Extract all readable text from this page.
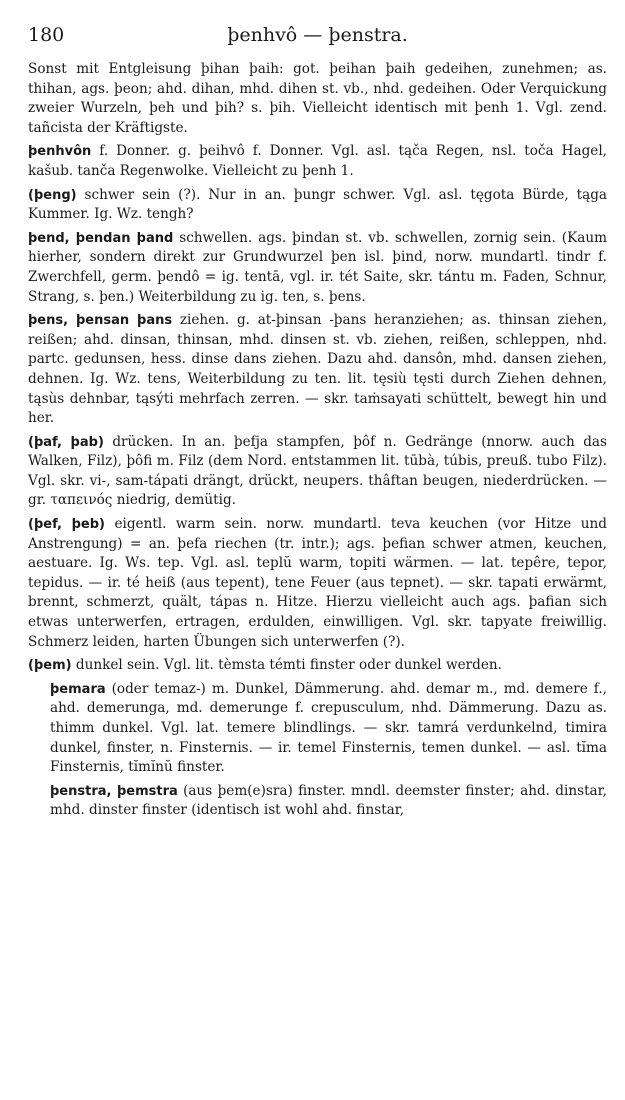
180	þenhvô — þenstra.

Sonst mit Entgleisung þihan þaih: got. þeihan þaih gedeihen, zunehmen; as. thihan, ags. þeon; ahd. dihan, mhd. dihen st. vb., nhd. gedeihen. Oder Verquickung zweier Wurzeln, þeh und þih? s. þih. Vielleicht identisch mit þenh 1. Vgl. zend. tañcista der Kräftigste.

þenhvôn f. Donner. g. þeihvô f. Donner. Vgl. asl. tąča Regen, nsl. toča Hagel, kašub. tanča Regenwolke. Vielleicht zu þenh 1.

(þeng) schwer sein (?). Nur in an. þungr schwer. Vgl. asl. tęgota Bürde, tąga Kummer. Ig. Wz. tengh?

þend, þendan þand schwellen. ags. þindan st. vb. schwellen, zornig sein. (Kaum hierher, sondern direkt zur Grundwurzel þen isl. þind, norw. mundartl. tindr f. Zwerchfell, germ. þendô = ig. tentā, vgl. ir. tét Saite, skr. tántu m. Faden, Schnur, Strang, s. þen.) Weiterbildung zu ig. ten, s. þens.

þens, þensan þans ziehen. g. at-þinsan -þans heranziehen; as. thinsan ziehen, reißen; ahd. dinsan, thinsan, mhd. dinsen st. vb. ziehen, reißen, schleppen, nhd. partc. gedunsen, hess. dinse dans ziehen. Dazu ahd. dansôn, mhd. dansen ziehen, dehnen. Ig. Wz. tens, Weiterbildung zu ten. lit. tęsiù tęsti durch Ziehen dehnen, tąsùs dehnbar, tąsýti mehrfach zerren. — skr. taṁsayati schüttelt, bewegt hin und her.

(þaf, þab) drücken. In an. þefja stampfen, þôf n. Gedränge (nnorw. auch das Walken, Filz), þôfi m. Filz (dem Nord. entstammen lit. tūbà, túbis, preuß. tubo Filz). Vgl. skr. vi-, sam-tápati drängt, drückt, neupers. thâftan beugen, niederdrücken. — gr. ταπεινός niedrig, demütig.

(þef, þeb) eigentl. warm sein. norw. mundartl. teva keuchen (vor Hitze und Anstrengung) = an. þefa riechen (tr. intr.); ags. þefian schwer atmen, keuchen, aestuare. Ig. Ws. tep. Vgl. asl. teplŭ warm, topiti wärmen. — lat. tepêre, tepor, tepidus. — ir. té heiß (aus tepent), tene Feuer (aus tepnet). — skr. tapati erwärmt, brennt, schmerzt, quält, tápas n. Hitze. Hierzu vielleicht auch ags. þafian sich etwas unterwerfen, ertragen, erdulden, einwilligen. Vgl. skr. tapyate freiwillig. Schmerz leiden, harten Übungen sich unterwerfen (?).

(þem) dunkel sein. Vgl. lit. tèmsta témti finster oder dunkel werden.

þemara (oder temaz-) m. Dunkel, Dämmerung. ahd. demar m., md. demere f., ahd. demerunga, md. demerunge f. crepusculum, nhd. Dämmerung. Dazu as. thimm dunkel. Vgl. lat. temere blindlings. — skr. tamrá verdunkelnd, timira dunkel, finster, n. Finsternis. — ir. temel Finsternis, temen dunkel. — asl. tĭma Finsternis, tĭmĭnŭ finster.

þenstra, þemstra (aus þem(e)sra) finster. mndl. deemster finster; ahd. dinstar, mhd. dinster finster (identisch ist wohl ahd. finstar,
